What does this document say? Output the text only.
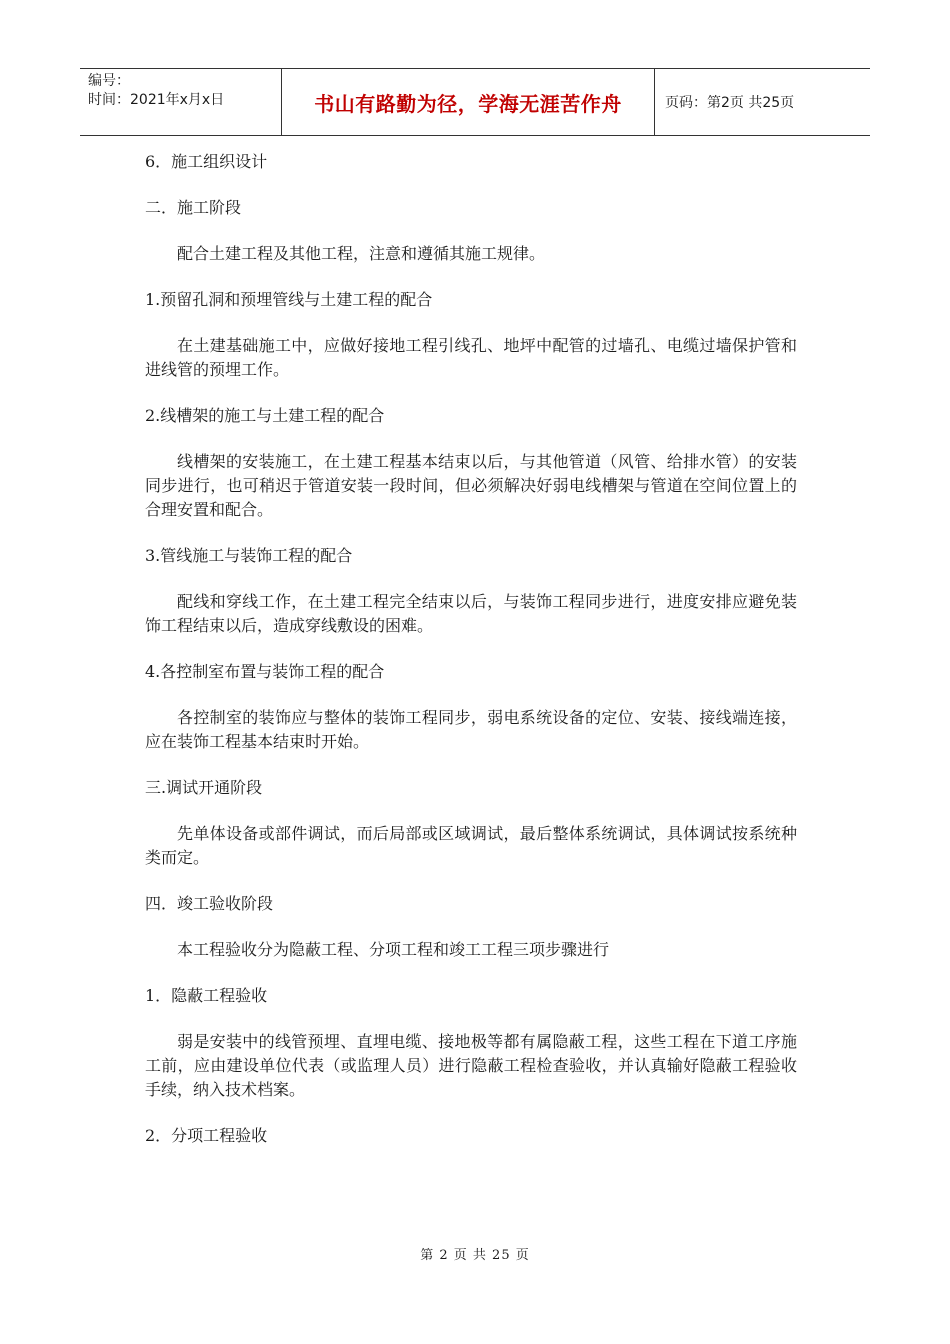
编号：
时间：2021年x月x日	书山有路勤为径，学海无涯苦作舟	页码：第2页 共25页

6．施工组织设计

二．施工阶段

配合土建工程及其他工程，注意和遵循其施工规律。

1.预留孔洞和预埋管线与土建工程的配合

在土建基础施工中，应做好接地工程引线孔、地坪中配管的过墙孔、电缆过墙保护管和进线管的预埋工作。

2.线槽架的施工与土建工程的配合

线槽架的安装施工，在土建工程基本结束以后，与其他管道（风管、给排水管）的安装同步进行，也可稍迟于管道安装一段时间，但必须解决好弱电线槽架与管道在空间位置上的合理安置和配合。

3.管线施工与装饰工程的配合

配线和穿线工作，在土建工程完全结束以后，与装饰工程同步进行，进度安排应避免装饰工程结束以后，造成穿线敷设的困难。

4.各控制室布置与装饰工程的配合

各控制室的装饰应与整体的装饰工程同步，弱电系统设备的定位、安装、接线端连接，应在装饰工程基本结束时开始。

三.调试开通阶段

先单体设备或部件调试，而后局部或区域调试，最后整体系统调试，具体调试按系统种类而定。

四．竣工验收阶段

本工程验收分为隐蔽工程、分项工程和竣工工程三项步骤进行

1．隐蔽工程验收

弱是安装中的线管预埋、直埋电缆、接地极等都有属隐蔽工程，这些工程在下道工序施工前，应由建设单位代表（或监理人员）进行隐蔽工程检查验收，并认真输好隐蔽工程验收手续，纳入技术档案。

2．分项工程验收

第 2 页 共 25 页
